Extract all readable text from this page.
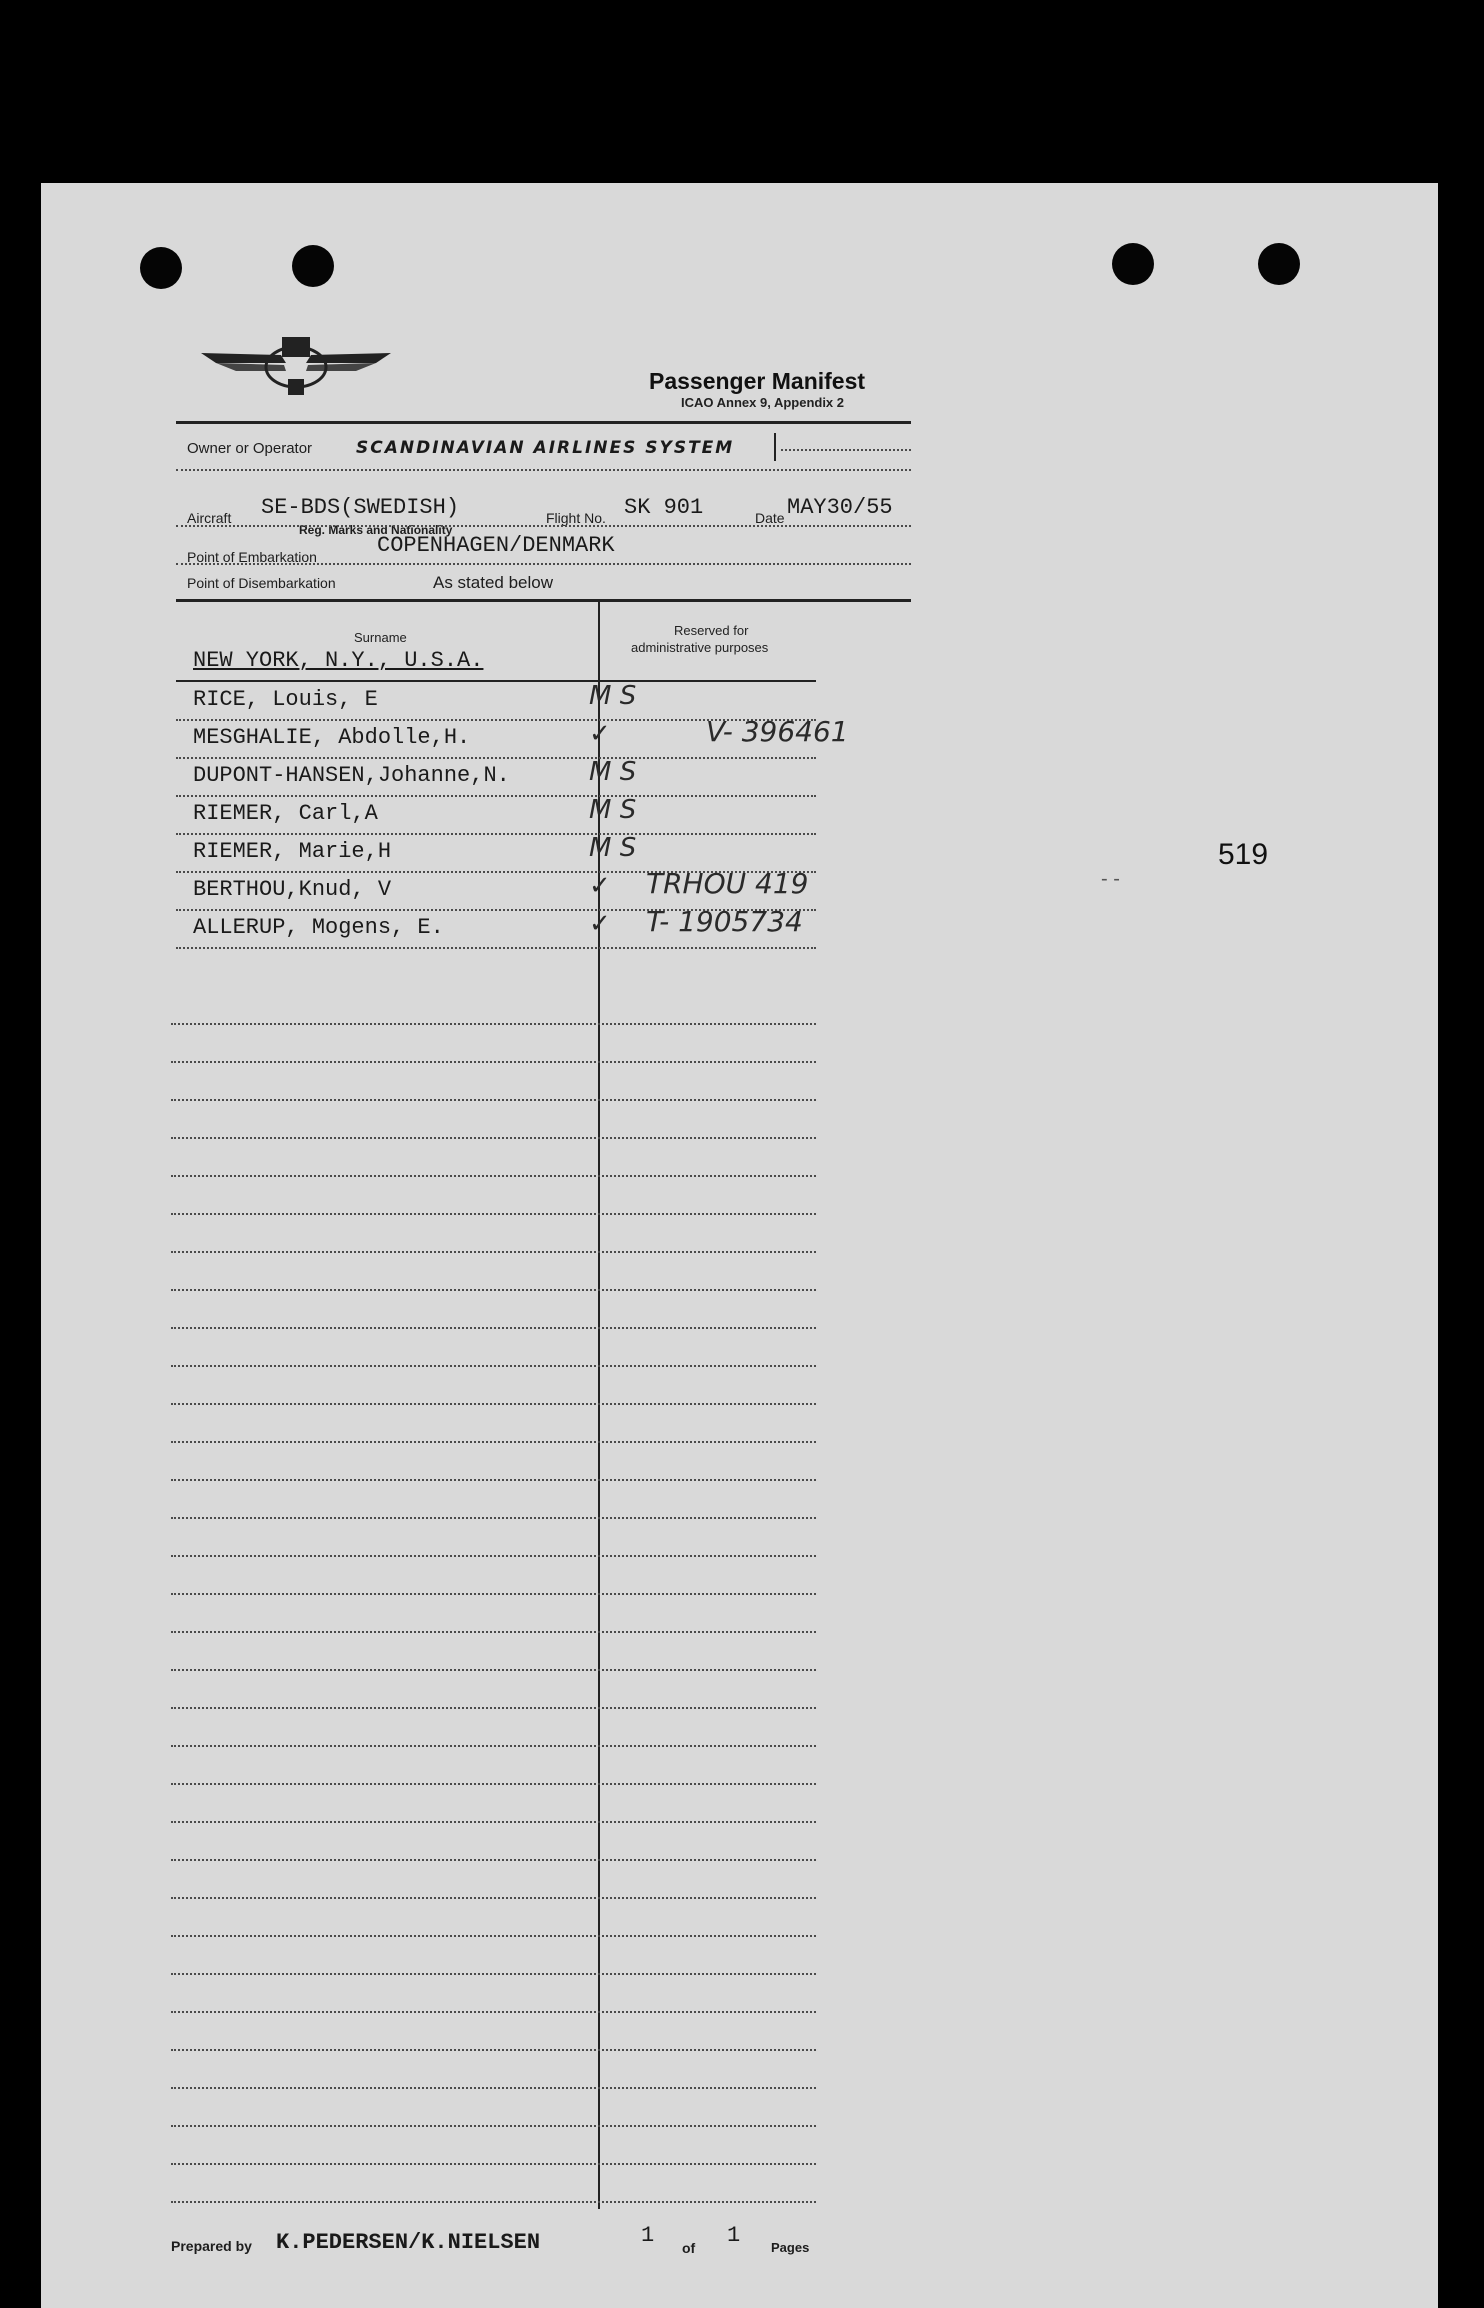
Passenger Manifest
ICAO Annex 9, Appendix 2
Owner or Operator	SCANDINAVIAN AIRLINES SYSTEM
Aircraft SE-BDS(SWEDISH)
Reg. Marks and Nationality
Flight No. SK 901	Date MAY30/55
Point of Embarkation	COPENHAGEN/DENMARK
Point of Disembarkation	As stated below
Surname	Reserved for
administrative purposes
NEW YORK, N.Y., U.S.A.
RICE, Louis, E	M S
MESGHALIE, Abdolle,H.	✓	V- 396461
DUPONT-HANSEN,Johanne,N.	M S
RIEMER, Carl,A	M S
RIEMER, Marie,H	M S
BERTHOU,Knud, V	✓ TRHOU 419
ALLERUP, Mogens, E.	✓ T- 1905734
- -
519
Prepared by K.PEDERSEN/K.NIELSEN	1 of 1 Pages
